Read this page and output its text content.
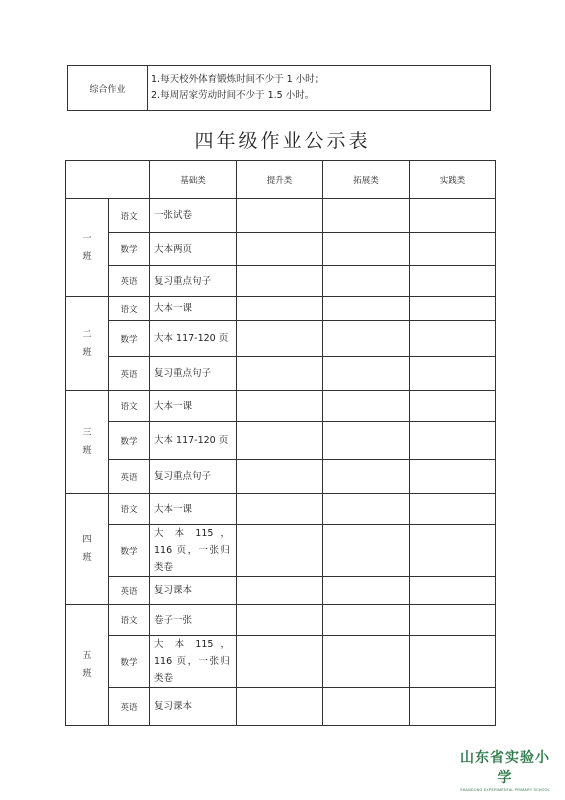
综合作业	
1.每天校外体育锻炼时间不少于 1 小时；
2.每周居家劳动时间不少于 1.5 小时。
四年级作业公示表
		基础类	提升类	拓展类	实践类
一
班	语文	一张试卷			
	数学	大本两页			
	英语	复习重点句子			
二
班	语文	大本一课			
	数学	大本 117-120 页			
	英语	复习重点句子			
三
班	语文	大本一课			
	数学	大本 117-120 页			
	英语	复习重点句子			
四
班	语文	大本一课			
	数学	大 本 115 ， 116 页，一张归类卷			
	英语	复习课本			
五
班	语文	卷子一张			
	数学	大 本 115 ， 116 页，一张归类卷			
	英语	复习课本			
山东省实验小学
SHANDONG EXPERIMENTAL PRIMARY SCHOOL
